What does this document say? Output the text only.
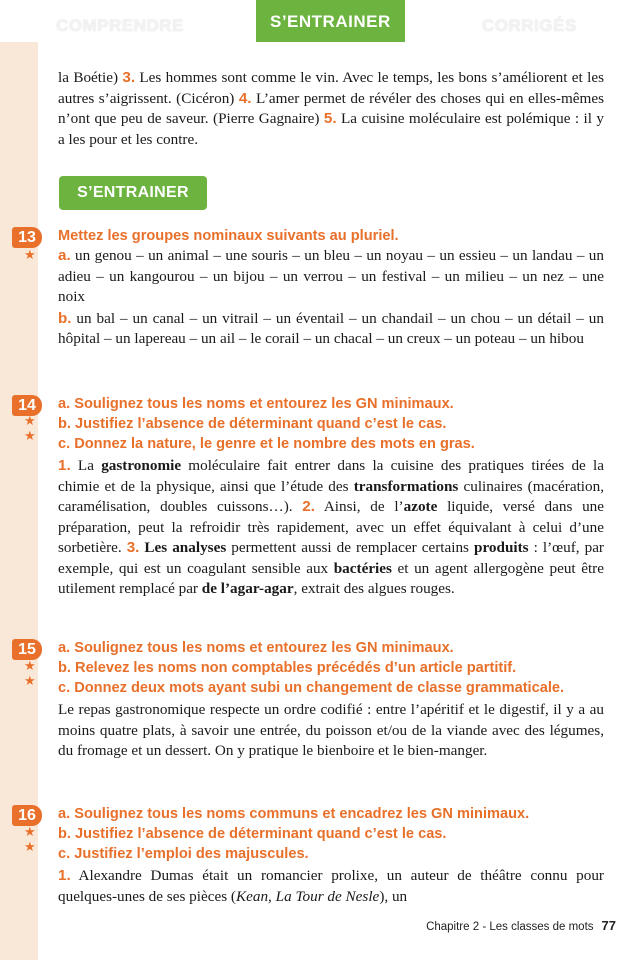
COMPRENDRE	S’ENTRAINER	CORRIGÉS

la Boétie) 3. Les hommes sont comme le vin. Avec le temps, les bons s’améliorent et les autres s’aigrissent. (Cicéron) 4. L’amer permet de révéler des choses qui en elles-mêmes n’ont que peu de saveur. (Pierre Gagnaire) 5. La cuisine moléculaire est polémique : il y a les pour et les contre.

S’ENTRAINER
13
★

Mettez les groupes nominaux suivants au pluriel.

a. un genou – un animal – une souris – un bleu – un noyau – un essieu – un landau – un adieu – un kangourou – un bijou – un verrou – un festival – un milieu – un nez – une noix

b. un bal – un canal – un vitrail – un éventail – un chandail – un chou – un détail – un hôpital – un lapereau – un ail – le corail – un chacal – un creux – un poteau – un hibou

14
★
★

a. Soulignez tous les noms et entourez les GN minimaux.

b. Justifiez l’absence de déterminant quand c’est le cas.

c. Donnez la nature, le genre et le nombre des mots en gras.

1. La gastronomie moléculaire fait entrer dans la cuisine des pratiques tirées de la chimie et de la physique, ainsi que l’étude des transformations culinaires (macération, caramélisation, doubles cuissons…). 2. Ainsi, de l’azote liquide, versé dans une préparation, peut la refroidir très rapidement, avec un effet équivalant à celui d’une sorbetière. 3. Les analyses permettent aussi de remplacer certains produits : l’œuf, par exemple, qui est un coagulant sensible aux bactéries et un agent allergogène peut être utilement remplacé par de l’agar-agar, extrait des algues rouges.

15
★
★

a. Soulignez tous les noms et entourez les GN minimaux.

b. Relevez les noms non comptables précédés d’un article partitif.

c. Donnez deux mots ayant subi un changement de classe grammaticale.

Le repas gastronomique respecte un ordre codifié : entre l’apéritif et le digestif, il y a au moins quatre plats, à savoir une entrée, du poisson et/ou de la viande avec des légumes, du fromage et un dessert. On y pratique le bienboire et le bien-manger.

16
★
★

a. Soulignez tous les noms communs et encadrez les GN minimaux.

b. Justifiez l’absence de déterminant quand c’est le cas.

c. Justifiez l’emploi des majuscules.

1. Alexandre Dumas était un romancier prolixe, un auteur de théâtre connu pour quelques-unes de ses pièces (Kean, La Tour de Nesle), un

Chapitre 2 - Les classes de mots 77
